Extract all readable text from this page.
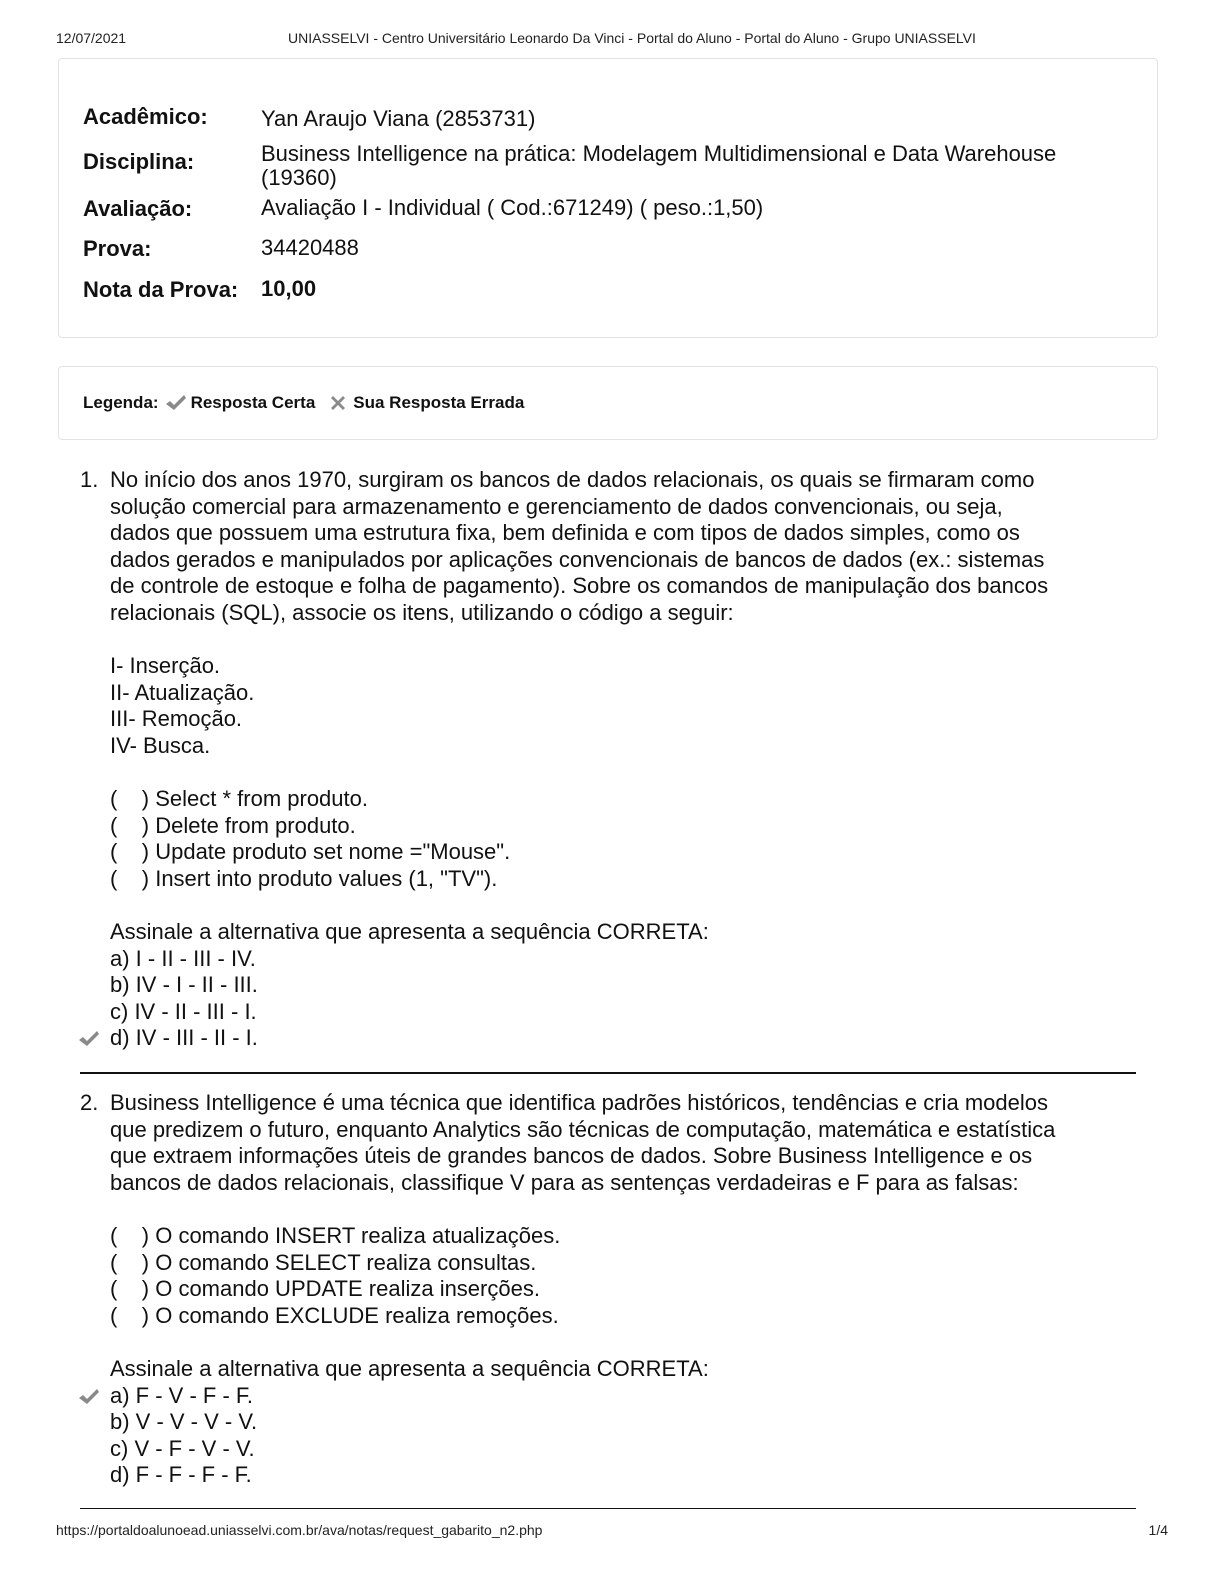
12/07/2021	UNIASSELVI - Centro Universitário Leonardo Da Vinci - Portal do Aluno - Portal do Aluno - Grupo UNIASSELVI
Acadêmico: Yan Araujo Viana (2853731)
Disciplina:	Business Intelligence na prática: Modelagem Multidimensional e Data Warehouse (19360)
Avaliação:	Avaliação I - Individual ( Cod.:671249) ( peso.:1,50)
Prova:	34420488
Nota da Prova: 10,00
Legenda: Resposta Certa Sua Resposta Errada
1. No início dos anos 1970, surgiram os bancos de dados relacionais, os quais se firmaram como
solução comercial para armazenamento e gerenciamento de dados convencionais, ou seja,
dados que possuem uma estrutura fixa, bem definida e com tipos de dados simples, como os
dados gerados e manipulados por aplicações convencionais de bancos de dados (ex.: sistemas
de controle de estoque e folha de pagamento). Sobre os comandos de manipulação dos bancos
relacionais (SQL), associe os itens, utilizando o código a seguir:
I- Inserção.
II- Atualização.
III- Remoção.
IV- Busca.
(    ) Select * from produto.
(    ) Delete from produto.
(    ) Update produto set nome ="Mouse".
(    ) Insert into produto values (1, "TV").
Assinale a alternativa que apresenta a sequência CORRETA:
a) I - II - III - IV.
b) IV - I - II - III.
c) IV - II - III - I.
d) IV - III - II - I.
2. Business Intelligence é uma técnica que identifica padrões históricos, tendências e cria modelos
que predizem o futuro, enquanto Analytics são técnicas de computação, matemática e estatística
que extraem informações úteis de grandes bancos de dados. Sobre Business Intelligence e os
bancos de dados relacionais, classifique V para as sentenças verdadeiras e F para as falsas:
(    ) O comando INSERT realiza atualizações.
(    ) O comando SELECT realiza consultas.
(    ) O comando UPDATE realiza inserções.
(    ) O comando EXCLUDE realiza remoções.
Assinale a alternativa que apresenta a sequência CORRETA:
a) F - V - F - F.
b) V - V - V - V.
c) V - F - V - V.
d) F - F - F - F.
https://portaldoalunoead.uniasselvi.com.br/ava/notas/request_gabarito_n2.php	1/4
